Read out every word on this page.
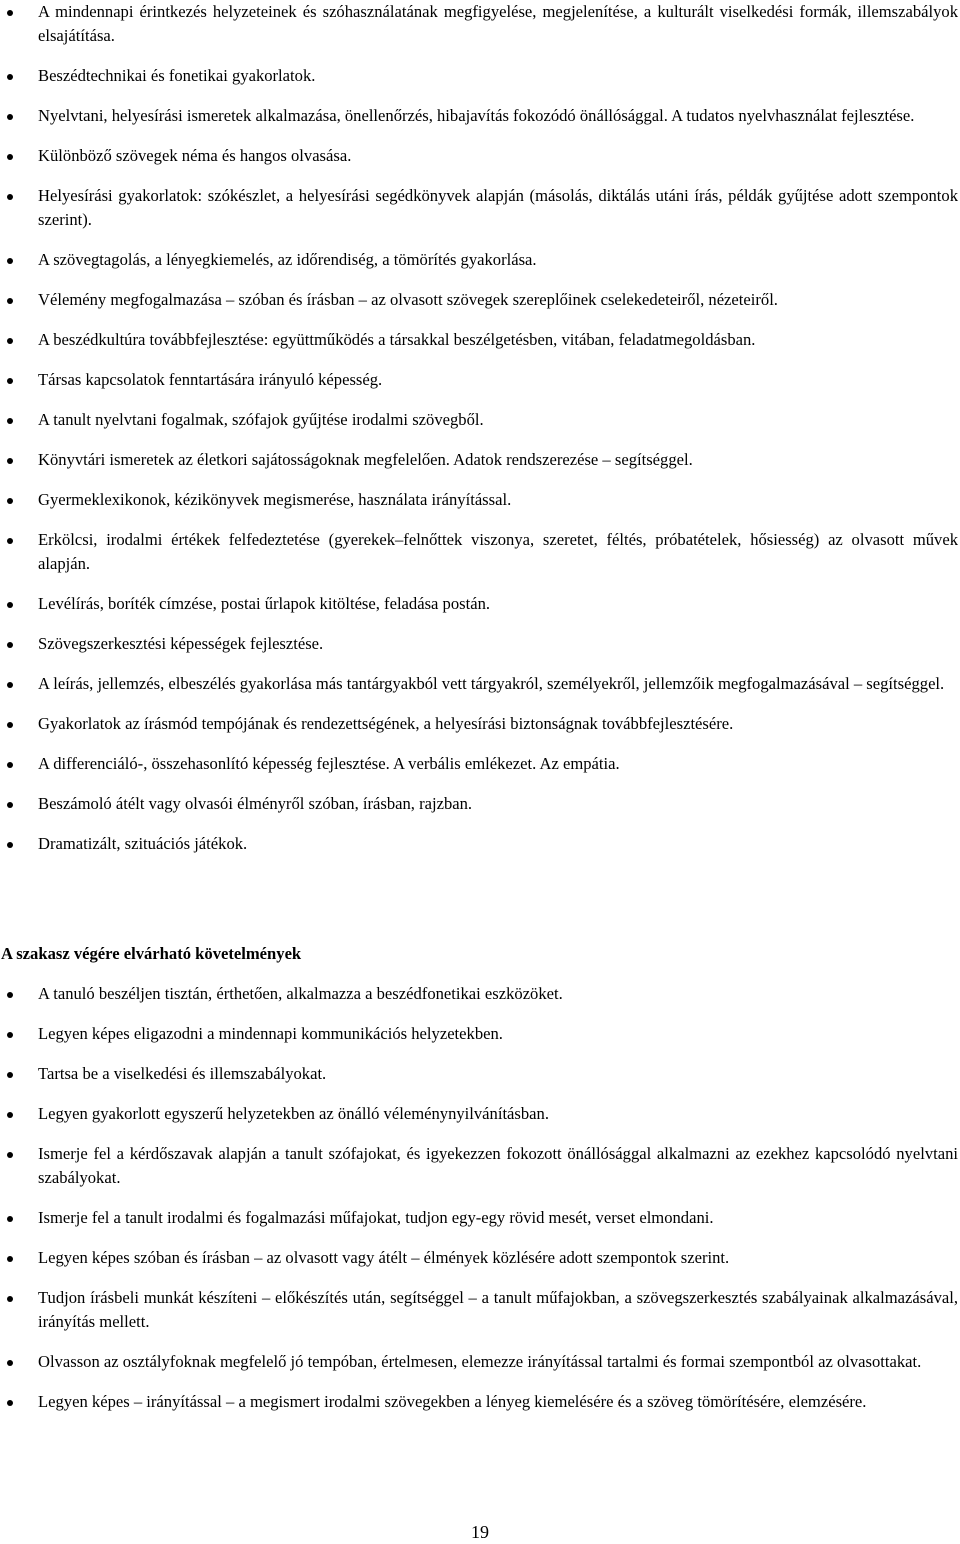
A mindennapi érintkezés helyzeteinek és szóhasználatának megfigyelése, megjelenítése, a kulturált viselkedési formák, illemszabályok elsajátítása.
Beszédtechnikai és fonetikai gyakorlatok.
Nyelvtani, helyesírási ismeretek alkalmazása, önellenőrzés, hibajavítás fokozódó önállósággal. A tudatos nyelvhasználat fejlesztése.
Különböző szövegek néma és hangos olvasása.
Helyesírási gyakorlatok: szókészlet, a helyesírási segédkönyvek alapján (másolás, diktálás utáni írás, példák gyűjtése adott szempontok szerint).
A szövegtagolás, a lényegkiemelés, az időrendiség, a tömörítés gyakorlása.
Vélemény megfogalmazása – szóban és írásban – az olvasott szövegek szereplőinek cselekedeteiről, nézeteiről.
A beszédkultúra továbbfejlesztése: együttműködés a társakkal beszélgetésben, vitában, feladatmegoldásban.
Társas kapcsolatok fenntartására irányuló képesség.
A tanult nyelvtani fogalmak, szófajok gyűjtése irodalmi szövegből.
Könyvtári ismeretek az életkori sajátosságoknak megfelelően. Adatok rendszerezése – segítséggel.
Gyermeklexikonok, kézikönyvek megismerése, használata irányítással.
Erkölcsi, irodalmi értékek felfedeztetése (gyerekek–felnőttek viszonya, szeretet, féltés, próbatételek, hősiesség) az olvasott művek alapján.
Levélírás, boríték címzése, postai űrlapok kitöltése, feladása postán.
Szövegszerkesztési képességek fejlesztése.
A leírás, jellemzés, elbeszélés gyakorlása más tantárgyakból vett tárgyakról, személyekről, jellemzőik megfogalmazásával – segítséggel.
Gyakorlatok az írásmód tempójának és rendezettségének, a helyesírási biztonságnak továbbfejlesztésére.
A differenciáló-, összehasonlító képesség fejlesztése. A verbális emlékezet. Az empátia.
Beszámoló átélt vagy olvasói élményről szóban, írásban, rajzban.
Dramatizált, szituációs játékok.
A szakasz végére elvárható követelmények
A tanuló beszéljen tisztán, érthetően, alkalmazza a beszédfonetikai eszközöket.
Legyen képes eligazodni a mindennapi kommunikációs helyzetekben.
Tartsa be a viselkedési és illemszabályokat.
Legyen gyakorlott egyszerű helyzetekben az önálló véleménynyilvánításban.
Ismerje fel a kérdőszavak alapján a tanult szófajokat, és igyekezzen fokozott önállósággal alkalmazni az ezekhez kapcsolódó nyelvtani szabályokat.
Ismerje fel a tanult irodalmi és fogalmazási műfajokat, tudjon egy-egy rövid mesét, verset elmondani.
Legyen képes szóban és írásban – az olvasott vagy átélt – élmények közlésére adott szempontok szerint.
Tudjon írásbeli munkát készíteni – előkészítés után, segítséggel – a tanult műfajokban, a szövegszerkesztés szabályainak alkalmazásával, irányítás mellett.
Olvasson az osztályfoknak megfelelő jó tempóban, értelmesen, elemezze irányítással tartalmi és formai szempontból az olvasottakat.
Legyen képes – irányítással – a megismert irodalmi szövegekben a lényeg kiemelésére és a szöveg tömörítésére, elemzésére.
19
